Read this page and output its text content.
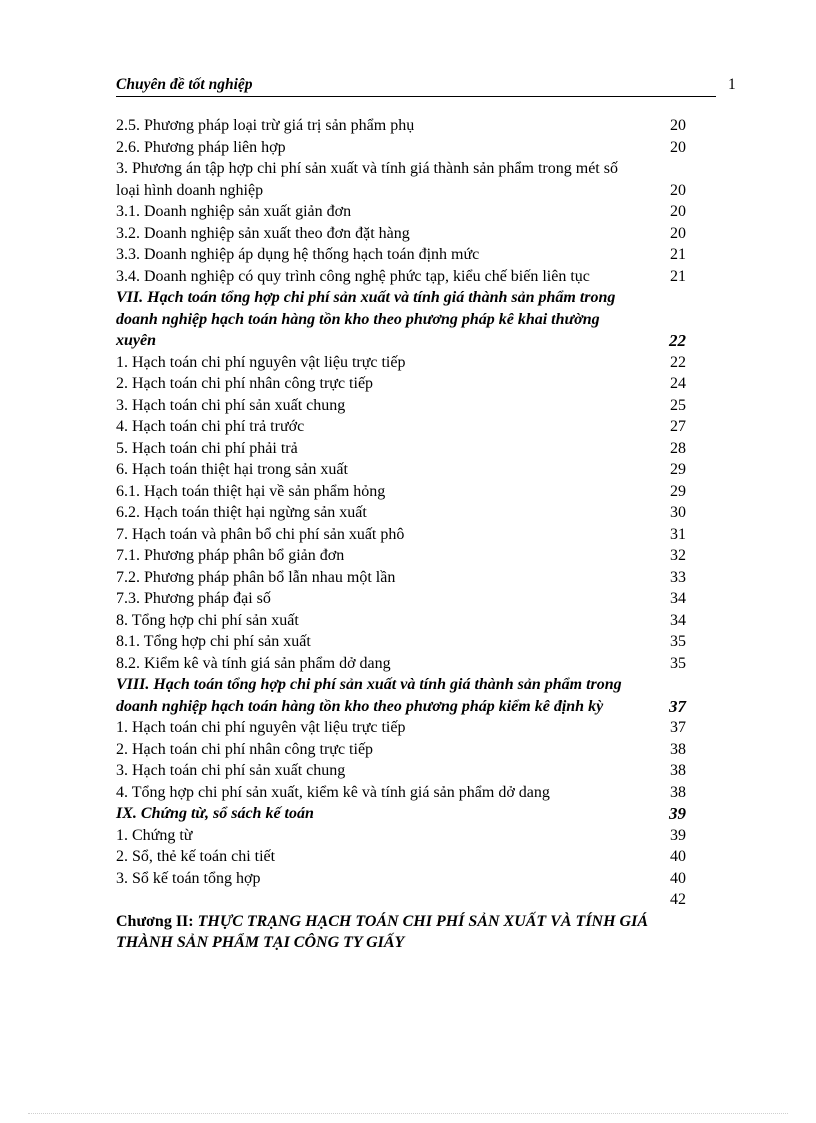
Chuyên đề tốt nghiệp	1
2.5. Phương pháp loại trừ giá trị sản phẩm phụ	20
2.6. Phương pháp liên hợp	20
3. Phương án tập hợp chi phí sản xuất và tính giá thành sản phẩm trong mét số loại hình doanh nghiệp	20
3.1. Doanh nghiệp sản xuất giản đơn	20
3.2. Doanh nghiệp sản xuất theo đơn đặt hàng	20
3.3. Doanh nghiệp áp dụng hệ thống hạch toán định mức	21
3.4. Doanh nghiệp có quy trình công nghệ phức tạp, kiểu chế biến liên tục	21
VII. Hạch toán tổng hợp chi phí sản xuất và tính giá thành sản phẩm trong doanh nghiệp hạch toán hàng tồn kho theo phương pháp kê khai thường xuyên	22
1. Hạch toán chi phí nguyên vật liệu trực tiếp	22
2. Hạch toán chi phí nhân công trực tiếp	24
3. Hạch toán chi phí sản xuất chung	25
4. Hạch toán chi phí trả trước	27
5. Hạch toán chi phí phải trả	28
6. Hạch toán thiệt hại trong sản xuất	29
6.1. Hạch toán thiệt hại về sản phẩm hỏng	29
6.2. Hạch toán thiệt hại ngừng sản xuất	30
7. Hạch toán và phân bổ chi phí sản xuất phô	31
7.1. Phương pháp phân bổ giản đơn	32
7.2. Phương pháp phân bổ lẫn nhau một lần	33
7.3. Phương pháp đại số	34
8. Tổng hợp chi phí sản xuất	34
8.1. Tổng hợp chi phí sản xuất	35
8.2. Kiểm kê và tính giá sản phẩm dở dang	35
VIII. Hạch toán tổng hợp chi phí sản xuất và tính giá thành sản phẩm trong doanh nghiệp hạch toán hàng tồn kho theo phương pháp kiểm kê định kỳ	37
1. Hạch toán chi phí nguyên vật liệu trực tiếp	37
2. Hạch toán chi phí nhân công trực tiếp	38
3. Hạch toán chi phí sản xuất chung	38
4. Tổng hợp chi phí sản xuất, kiểm kê và tính giá sản phẩm dở dang	38
IX. Chứng từ, sổ sách kế toán	39
1. Chứng từ	39
2. Sổ, thẻ kế toán chi tiết	40
3. Sổ kế toán tổng hợp	40
42
Chương II: THỰC TRẠNG HẠCH TOÁN CHI PHÍ SẢN XUẤT VÀ TÍNH GIÁ THÀNH SẢN PHẨM TẠI CÔNG TY GIẤY
